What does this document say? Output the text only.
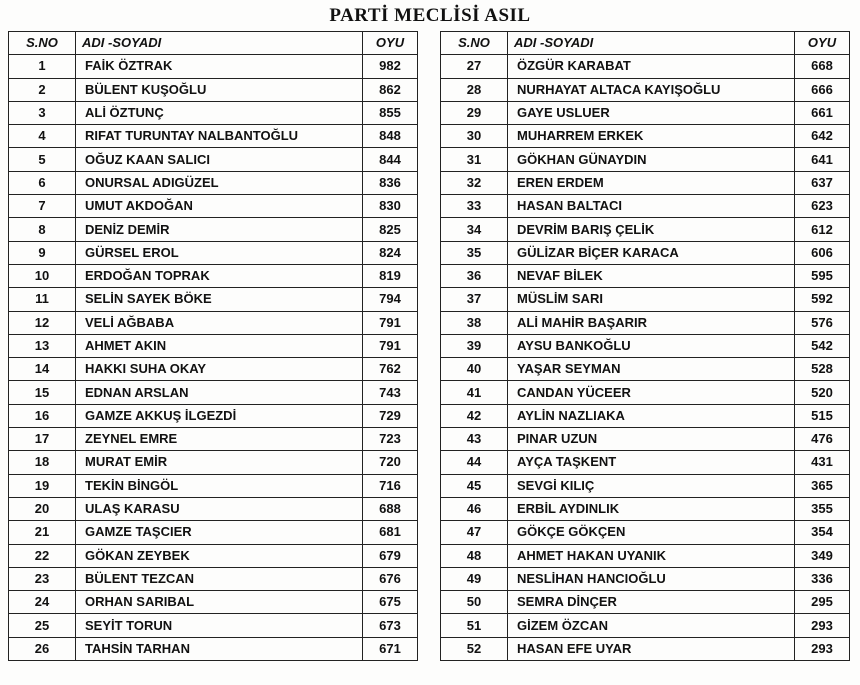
PARTİ MECLİSİ ASIL
S.NO	ADI -SOYADI	OYU
1	FAİK ÖZTRAK	982
2	BÜLENT KUŞOĞLU	862
3	ALİ ÖZTUNÇ	855
4	RIFAT TURUNTAY NALBANTOĞLU	848
5	OĞUZ KAAN SALICI	844
6	ONURSAL ADIGÜZEL	836
7	UMUT AKDOĞAN	830
8	DENİZ DEMİR	825
9	GÜRSEL EROL	824
10	ERDOĞAN TOPRAK	819
11	SELİN SAYEK BÖKE	794
12	VELİ AĞBABA	791
13	AHMET AKIN	791
14	HAKKI SUHA OKAY	762
15	EDNAN ARSLAN	743
16	GAMZE AKKUŞ İLGEZDİ	729
17	ZEYNEL EMRE	723
18	MURAT EMİR	720
19	TEKİN BİNGÖL	716
20	ULAŞ KARASU	688
21	GAMZE TAŞCIER	681
22	GÖKAN ZEYBEK	679
23	BÜLENT TEZCAN	676
24	ORHAN SARIBAL	675
25	SEYİT TORUN	673
26	TAHSİN TARHAN	671
S.NO	ADI -SOYADI	OYU
27	ÖZGÜR KARABAT	668
28	NURHAYAT ALTACA KAYIŞOĞLU	666
29	GAYE USLUER	661
30	MUHARREM ERKEK	642
31	GÖKHAN GÜNAYDIN	641
32	EREN ERDEM	637
33	HASAN BALTACI	623
34	DEVRİM BARIŞ ÇELİK	612
35	GÜLİZAR BİÇER KARACA	606
36	NEVAF BİLEK	595
37	MÜSLİM SARI	592
38	ALİ MAHİR BAŞARIR	576
39	AYSU BANKOĞLU	542
40	YAŞAR SEYMAN	528
41	CANDAN YÜCEER	520
42	AYLİN NAZLIAKA	515
43	PINAR UZUN	476
44	AYÇA TAŞKENT	431
45	SEVGİ KILIÇ	365
46	ERBİL AYDINLIK	355
47	GÖKÇE GÖKÇEN	354
48	AHMET HAKAN UYANIK	349
49	NESLİHAN HANCIOĞLU	336
50	SEMRA DİNÇER	295
51	GİZEM ÖZCAN	293
52	HASAN EFE UYAR	293
